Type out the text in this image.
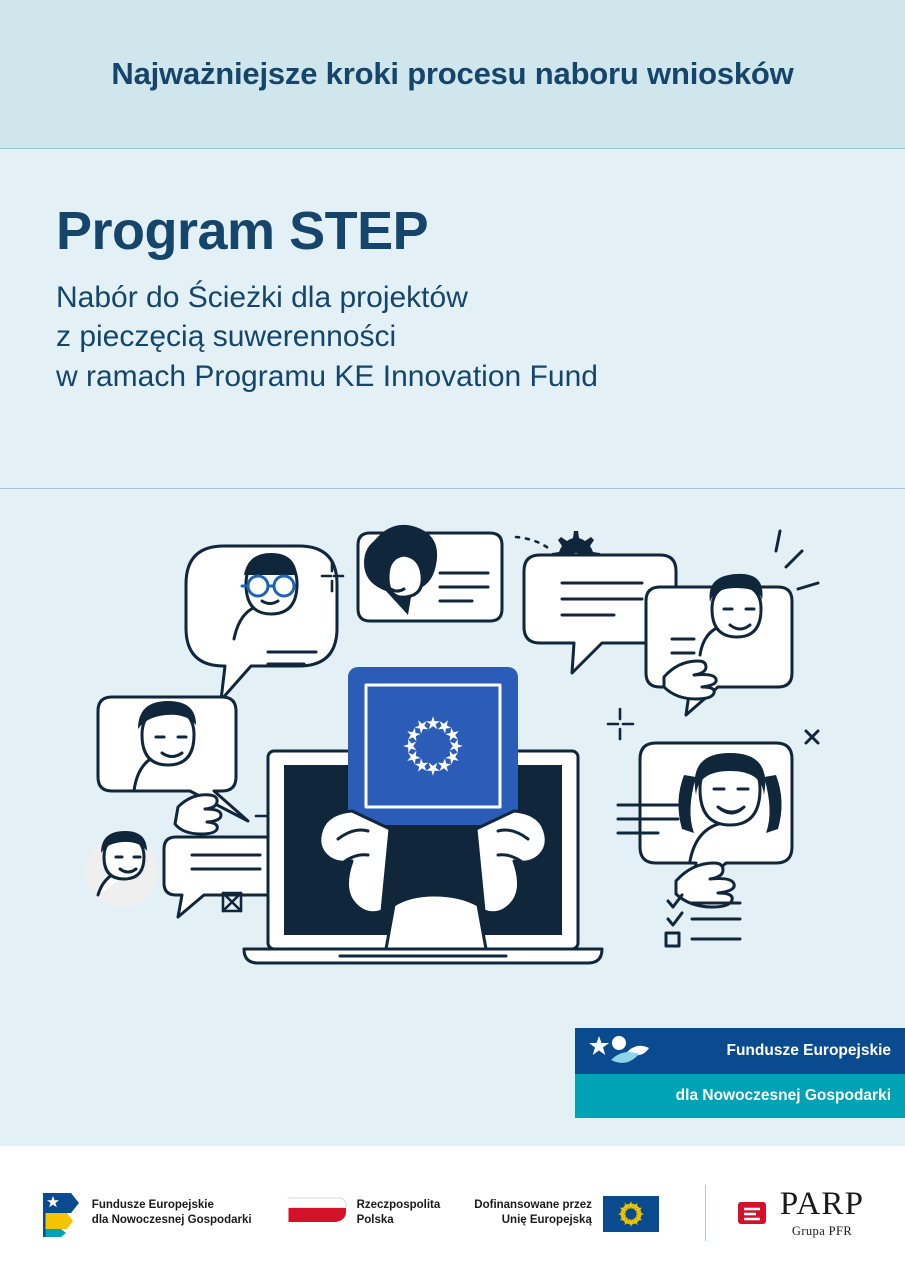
Najważniejsze kroki procesu naboru wniosków
Program STEP

Nabór do Ścieżki dla projektów
z pieczęcią suwerenności
w ramach Programu KE Innovation Fund

Fundusze Europejskie
dla Nowoczesnej Gospodarki
Fundusze Europejskie
dla Nowoczesnej Gospodarki
Rzeczpospolita
Polska
Dofinansowane przez
Unię Europejską	PARP
Grupa PFR
